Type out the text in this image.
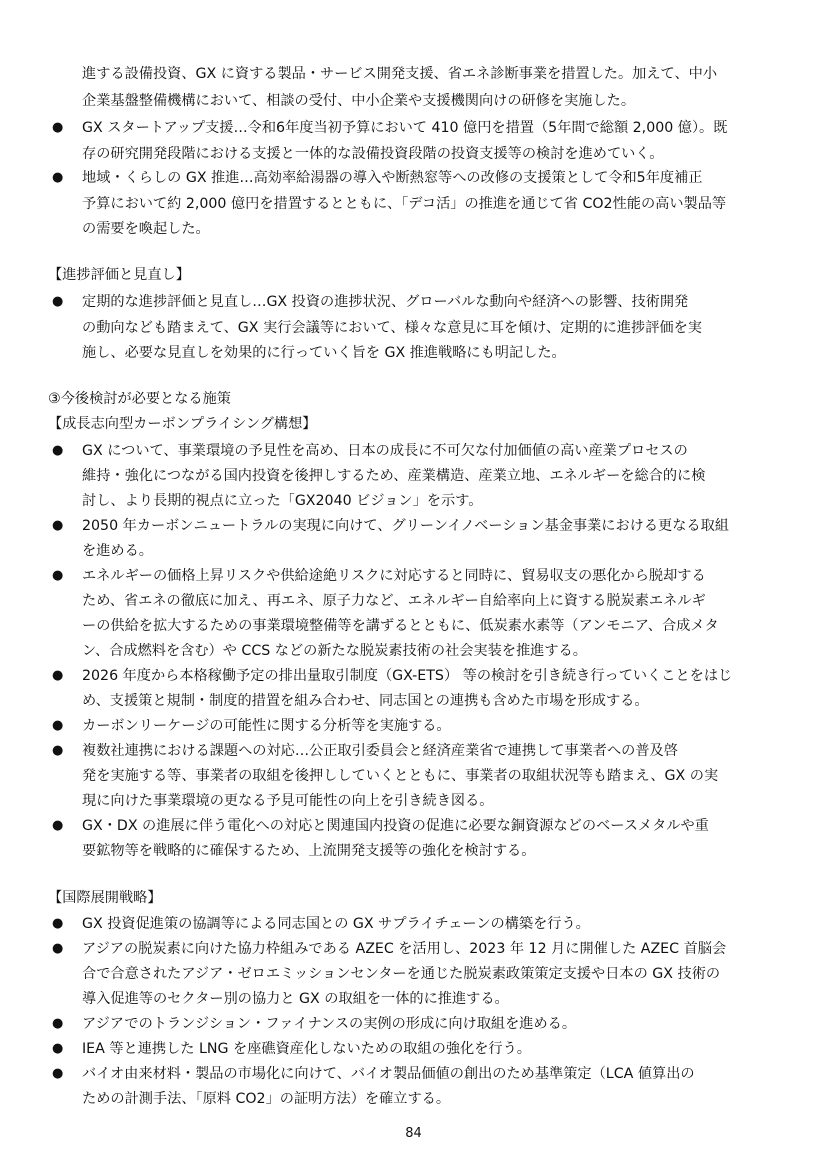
進する設備投資、GX に資する製品・サービス開発支援、省エネ診断事業を措置した。加えて、中小
企業基盤整備機構において、相談の受付、中小企業や支援機関向けの研修を実施した。
● GX スタートアップ支援…令和6年度当初予算において 410 億円を措置（5年間で総額 2,000 億）。既
存の研究開発段階における支援と一体的な設備投資段階の投資支援等の検討を進めていく。
● 地域・くらしの GX 推進…高効率給湯器の導入や断熱窓等への改修の支援策として令和5年度補正
予算において約 2,000 億円を措置するとともに、「デコ活」の推進を通じて省 CO2性能の高い製品等
の需要を喚起した。
【進捗評価と見直し】
● 定期的な進捗評価と見直し…GX 投資の進捗状況、グローバルな動向や経済への影響、技術開発
の動向なども踏まえて、GX 実行会議等において、様々な意見に耳を傾け、定期的に進捗評価を実
施し、必要な見直しを効果的に行っていく旨を GX 推進戦略にも明記した。
③今後検討が必要となる施策
【成長志向型カーボンプライシング構想】
● GX について、事業環境の予見性を高め、日本の成長に不可欠な付加価値の高い産業プロセスの
維持・強化につながる国内投資を後押しするため、産業構造、産業立地、エネルギーを総合的に検
討し、より長期的視点に立った「GX2040 ビジョン」を示す。
● 2050 年カーボンニュートラルの実現に向けて、グリーンイノベーション基金事業における更なる取組
を進める。
● エネルギーの価格上昇リスクや供給途絶リスクに対応すると同時に、貿易収支の悪化から脱却する
ため、省エネの徹底に加え、再エネ、原子力など、エネルギー自給率向上に資する脱炭素エネルギ
ーの供給を拡大するための事業環境整備等を講ずるとともに、低炭素水素等（アンモニア、合成メタ
ン、合成燃料を含む）や CCS などの新たな脱炭素技術の社会実装を推進する。
● 2026 年度から本格稼働予定の排出量取引制度（GX-ETS） 等の検討を引き続き行っていくことをはじ
め、支援策と規制・制度的措置を組み合わせ、同志国との連携も含めた市場を形成する。
● カーボンリーケージの可能性に関する分析等を実施する。
● 複数社連携における課題への対応…公正取引委員会と経済産業省で連携して事業者への普及啓
発を実施する等、事業者の取組を後押ししていくとともに、事業者の取組状況等も踏まえ、GX の実
現に向けた事業環境の更なる予見可能性の向上を引き続き図る。
● GX・DX の進展に伴う電化への対応と関連国内投資の促進に必要な銅資源などのベースメタルや重
要鉱物等を戦略的に確保するため、上流開発支援等の強化を検討する。
【国際展開戦略】
● GX 投資促進策の協調等による同志国との GX サプライチェーンの構築を行う。
● アジアの脱炭素に向けた協力枠組みである AZEC を活用し、2023 年 12 月に開催した AZEC 首脳会
合で合意されたアジア・ゼロエミッションセンターを通じた脱炭素政策策定支援や日本の GX 技術の
導入促進等のセクター別の協力と GX の取組を一体的に推進する。
● アジアでのトランジション・ファイナンスの実例の形成に向け取組を進める。
● IEA 等と連携した LNG を座礁資産化しないための取組の強化を行う。
● バイオ由来材料・製品の市場化に向けて、バイオ製品価値の創出のため基準策定（LCA 値算出の
ための計測手法、「原料 CO2」の証明方法）を確立する。
84
